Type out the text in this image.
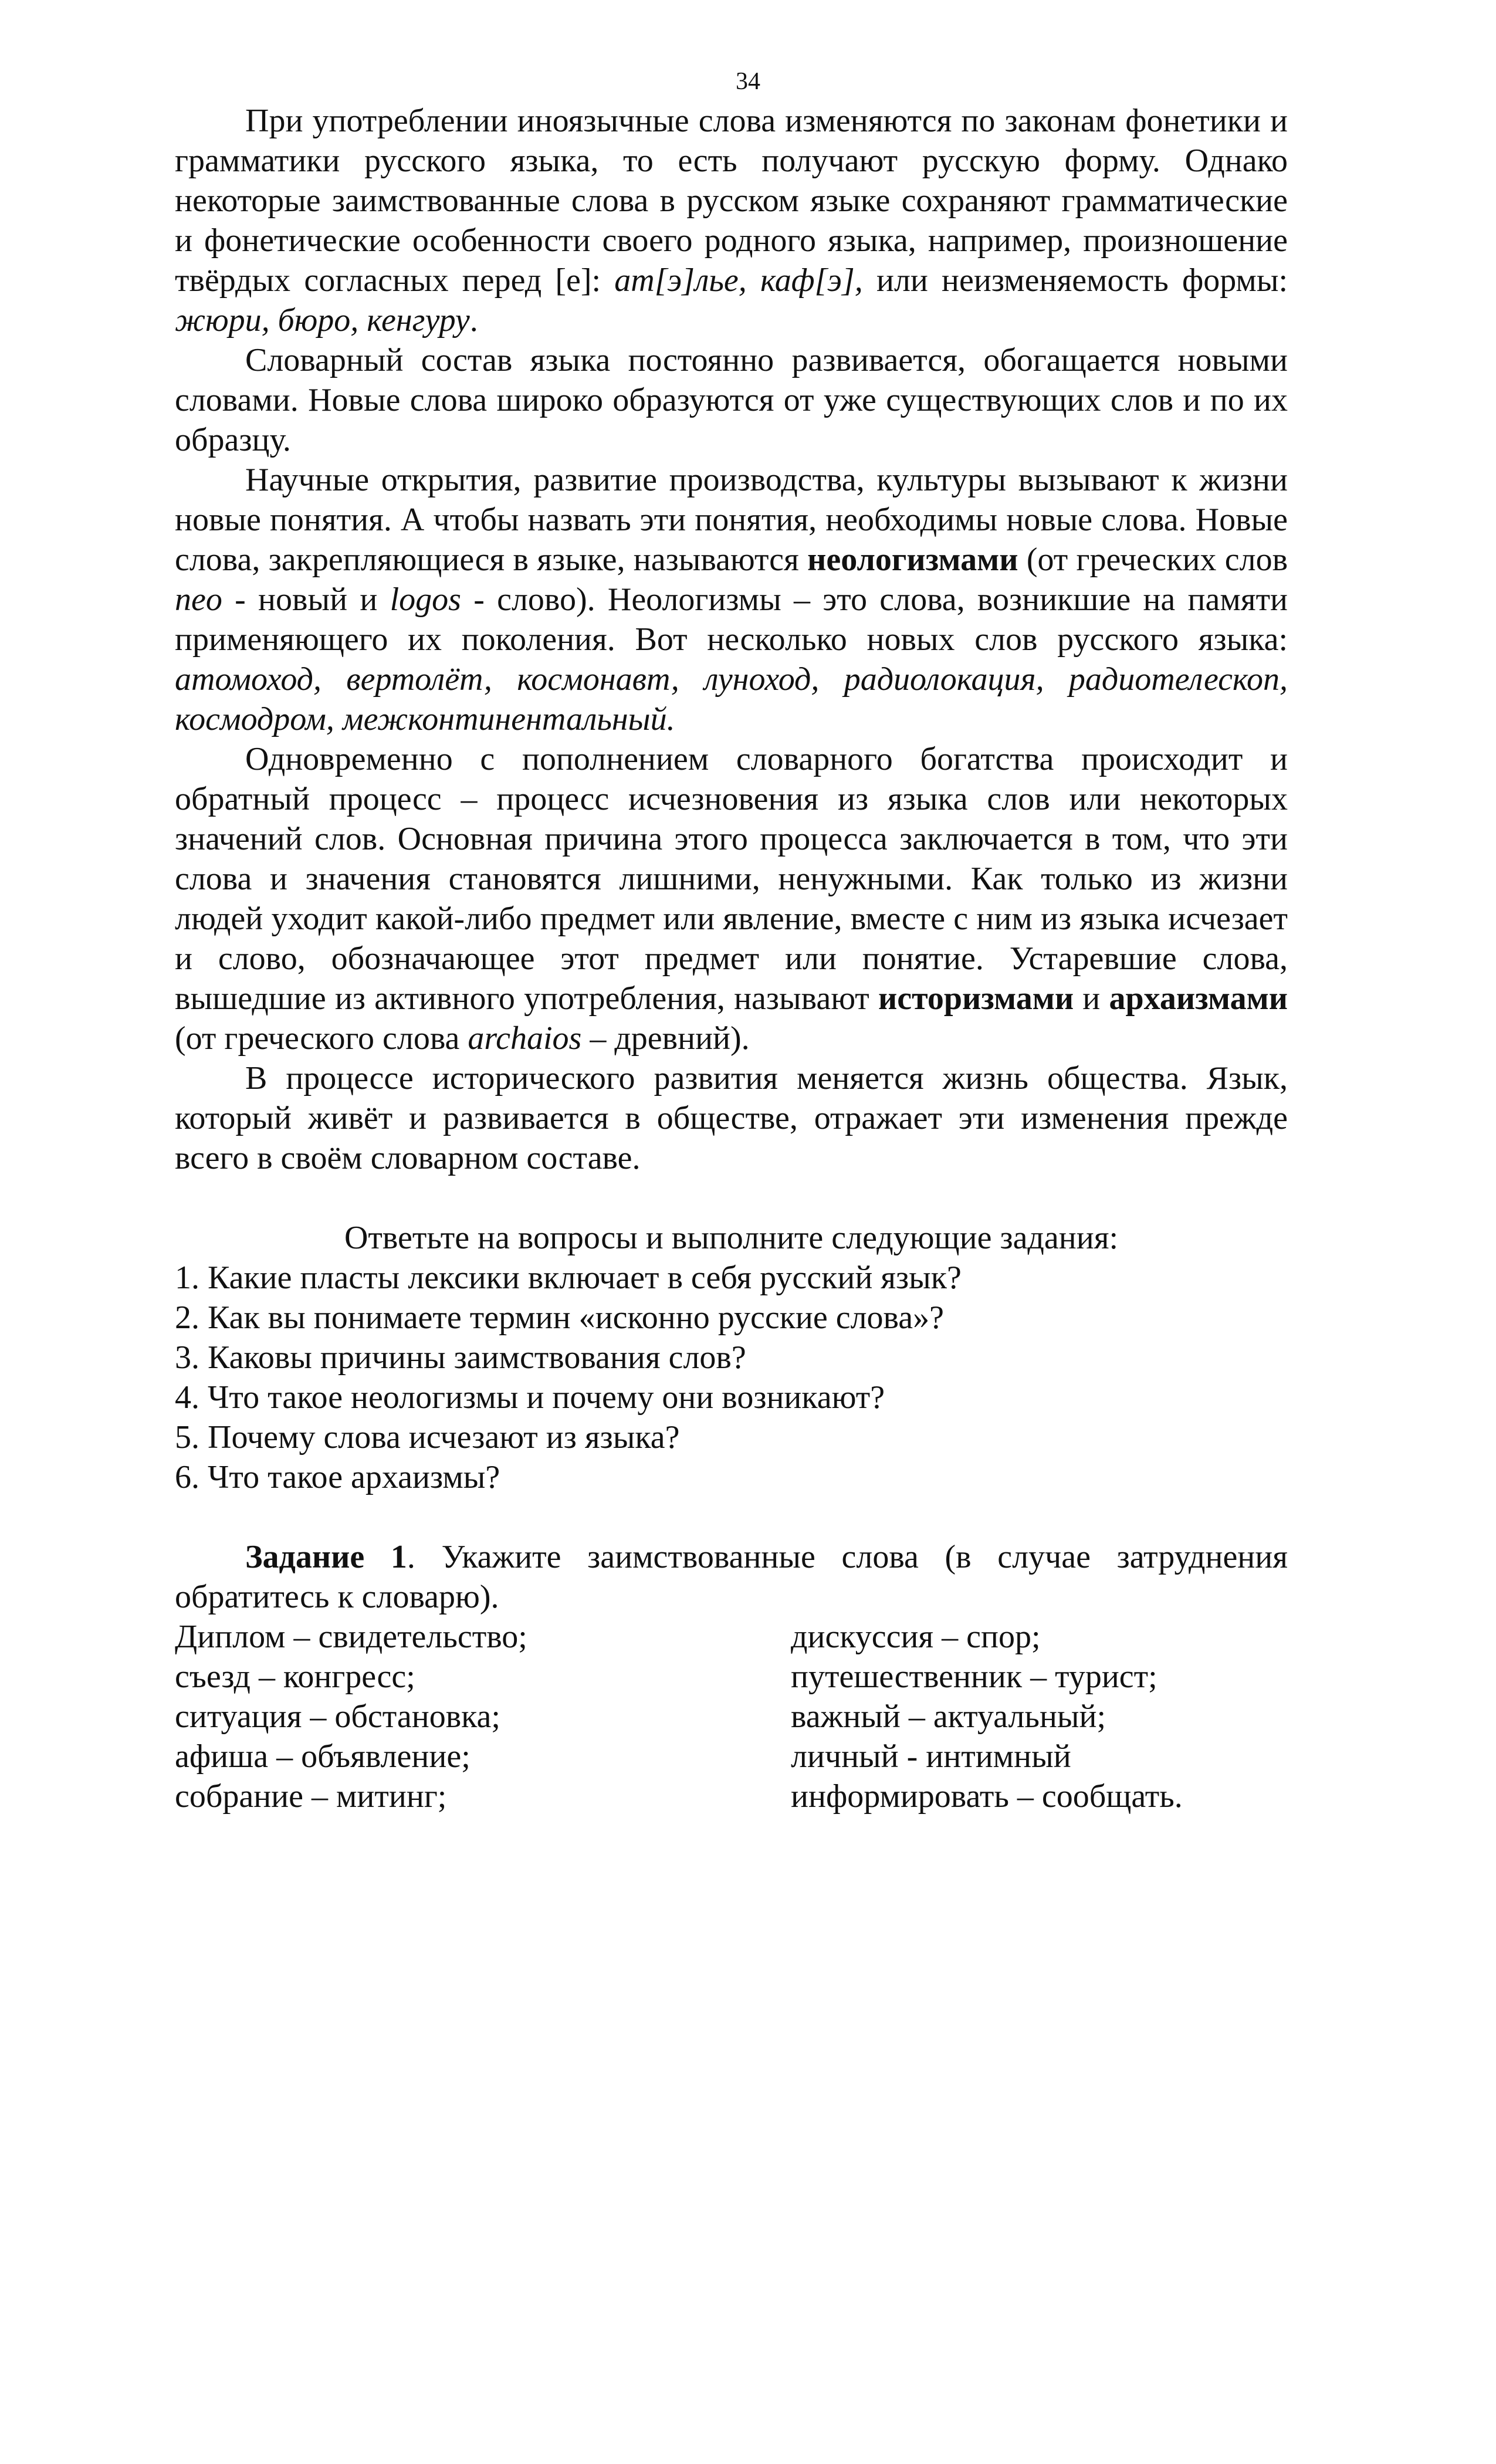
34

При употреблении иноязычные слова изменяются по законам фонетики и грамматики русского языка, то есть получают русскую форму. Однако некоторые заимствованные слова в русском языке сохраняют грамматические и фонетические особенности своего родного языка, например, произношение твёрдых согласных перед [е]: ат[э]лье, каф[э], или неизменяемость формы: жюри, бюро, кенгуру.

Словарный состав языка постоянно развивается, обогащается новыми словами. Новые слова широко образуются от уже существующих слов и по их образцу.

Научные открытия, развитие производства, культуры вызывают к жизни новые понятия. А чтобы назвать эти понятия, необходимы новые слова. Новые слова, закрепляющиеся в языке, называются неологизмами (от греческих слов neo - новый и logos - слово). Неологизмы – это слова, возникшие на памяти применяющего их поколения. Вот несколько новых слов русского языка: атомоход, вертолёт, космонавт, луноход, радиолокация, радиотелескоп, космодром, межконтинентальный.

Одновременно с пополнением словарного богатства происходит и обратный процесс – процесс исчезновения из языка слов или некоторых значений слов. Основная причина этого процесса заключается в том, что эти слова и значения становятся лишними, ненужными. Как только из жизни людей уходит какой-либо предмет или явление, вместе с ним из языка исчезает и слово, обозначающее этот предмет или понятие. Устаревшие слова, вышедшие из активного употребления, называют историзмами и архаизмами (от греческого слова archaios – древний).

В процессе исторического развития меняется жизнь общества. Язык, который живёт и развивается в обществе, отражает эти изменения прежде всего в своём словарном составе.

Ответьте на вопросы и выполните следующие задания:

1. Какие пласты лексики включает в себя русский язык?

2. Как вы понимаете термин «исконно русские слова»?

3. Каковы причины заимствования слов?

4. Что такое неологизмы и почему они возникают?

5. Почему слова исчезают из языка?

6. Что такое архаизмы?

Задание 1. Укажите заимствованные слова (в случае затруднения обратитесь к словарю).

Диплом – свидетельство;	дискуссия – спор;
съезд – конгресс;	путешественник – турист;
ситуация – обстановка;	важный – актуальный;
афиша – объявление;	личный - интимный
собрание – митинг;	информировать – сообщать.
